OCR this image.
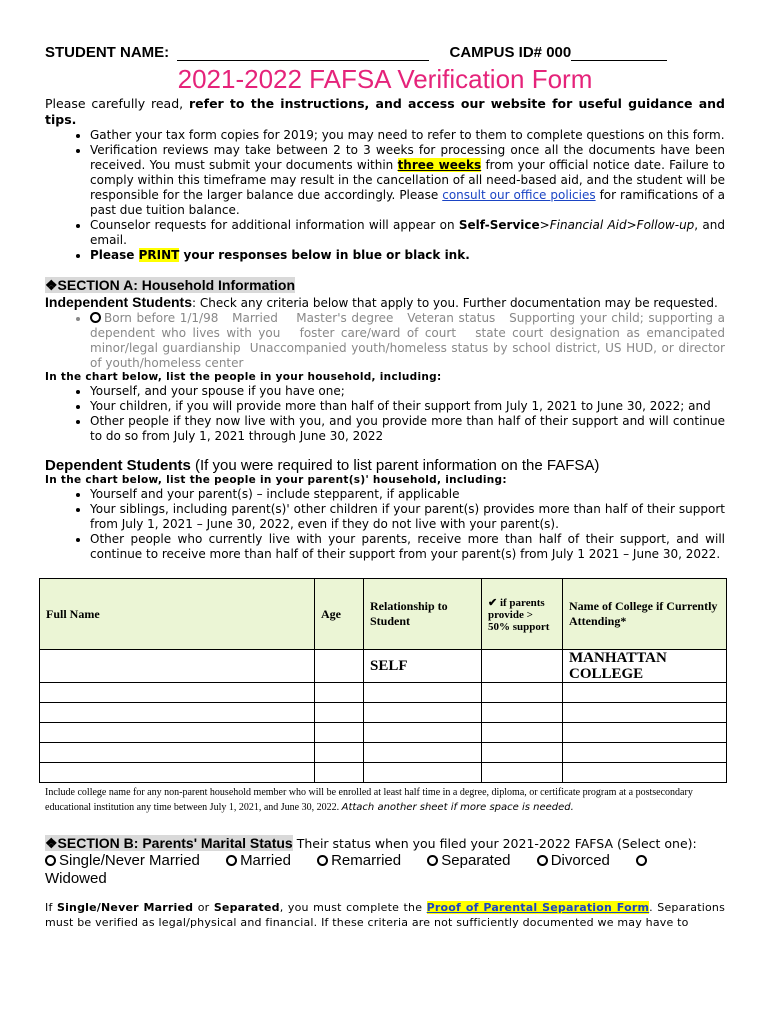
STUDENT NAME:	CAMPUS ID# 000
2021-2022 FAFSA Verification Form
Please carefully read, refer to the instructions, and access our website for useful guidance and tips.
• Gather your tax form copies for 2019; you may need to refer to them to complete questions on this form.
• Verification reviews may take between 2 to 3 weeks for processing once all the documents have been received. You must submit your documents within three weeks from your official notice date. Failure to comply within this timeframe may result in the cancellation of all need-based aid, and the student will be responsible for the larger balance due accordingly. Please consult our office policies for ramifications of a past due tuition balance.
• Counselor requests for additional information will appear on Self-Service>Financial Aid>Follow-up, and email.
• Please PRINT your responses below in blue or black ink.
❖SECTION A: Household Information
Independent Students: Check any criteria below that apply to you. Further documentation may be requested.
• Born before 1/1/98   Married    Master's degree   Veteran status   Supporting your child; supporting a dependent who lives with you   foster care/ward of court   state court designation as emancipated minor/legal guardianship  Unaccompanied youth/homeless status by school district, US HUD, or director of youth/homeless center
In the chart below, list the people in your household, including:
• Yourself, and your spouse if you have one;
• Your children, if you will provide more than half of their support from July 1, 2021 to June 30, 2022; and
• Other people if they now live with you, and you provide more than half of their support and will continue to do so from July 1, 2021 through June 30, 2022
Dependent Students (If you were required to list parent information on the FAFSA)
In the chart below, list the people in your parent(s)' household, including:
• Yourself and your parent(s) – include stepparent, if applicable
• Your siblings, including parent(s)' other children if your parent(s) provides more than half of their support from July 1, 2021 – June 30, 2022, even if they do not live with your parent(s).
• Other people who currently live with your parents, receive more than half of their support, and will continue to receive more than half of their support from your parent(s) from July 1 2021 – June 30, 2022.
Full Name	Age	Relationship to Student	✔ if parents provide > 50% support	Name of College if Currently Attending*
		SELF		MANHATTAN COLLEGE

Include college name for any non-parent household member who will be enrolled at least half time in a degree, diploma, or certificate program at a postsecondary educational institution any time between July 1, 2021, and June 30, 2022. Attach another sheet if more space is needed.
❖SECTION B: Parents' Marital Status Their status when you filed your 2021-2022 FAFSA (Select one):
Single/Never Married	Married	Remarried	Separated	Divorced
Widowed
If Single/Never Married or Separated, you must complete the Proof of Parental Separation Form. Separations must be verified as legal/physical and financial. If these criteria are not sufficiently documented we may have to
